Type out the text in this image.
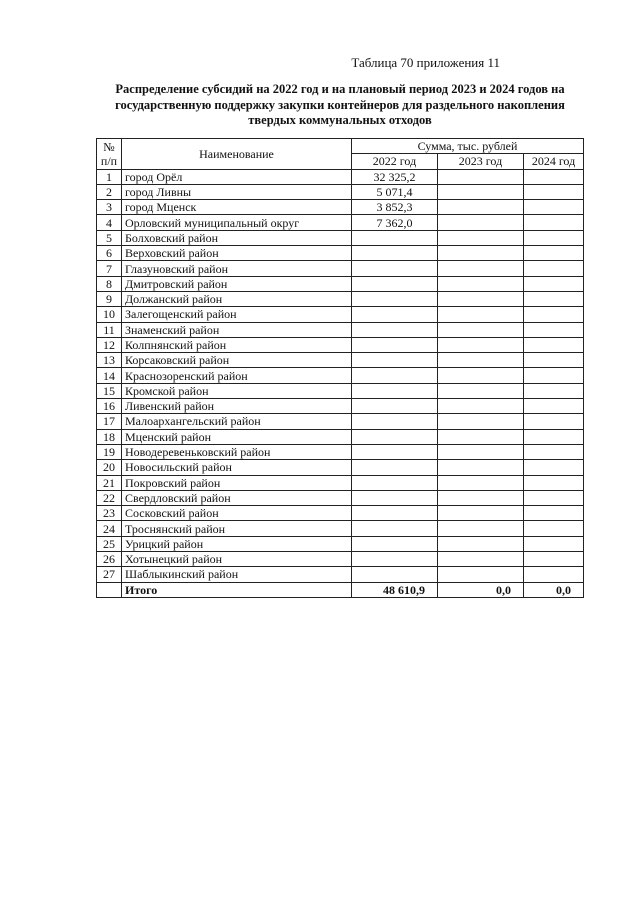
Таблица 70 приложения 11
Распределение субсидий на 2022 год и на плановый период 2023 и 2024 годов на государственную поддержку закупки контейнеров для раздельного накопления твердых коммунальных отходов
№
п/п	Наименование	Сумма, тыс. рублей		
		2022 год	2023 год	2024 год
1	город Орёл	32 325,2		
2	город Ливны	5 071,4		
3	город Мценск	3 852,3		
4	Орловский муниципальный округ	7 362,0		
5	Болховский район			
6	Верховский район			
7	Глазуновский район			
8	Дмитровский район			
9	Должанский район			
10	Залегощенский район			
11	Знаменский район			
12	Колпнянский район			
13	Корсаковский район			
14	Краснозоренский район			
15	Кромской район			
16	Ливенский район			
17	Малоархангельский район			
18	Мценский район			
19	Новодеревеньковский район			
20	Новосильский район			
21	Покровский район			
22	Свердловский район			
23	Сосковский район			
24	Троснянский район			
25	Урицкий район			
26	Хотынецкий район			
27	Шаблыкинский район			
	Итого	48 610,9	0,0	0,0
